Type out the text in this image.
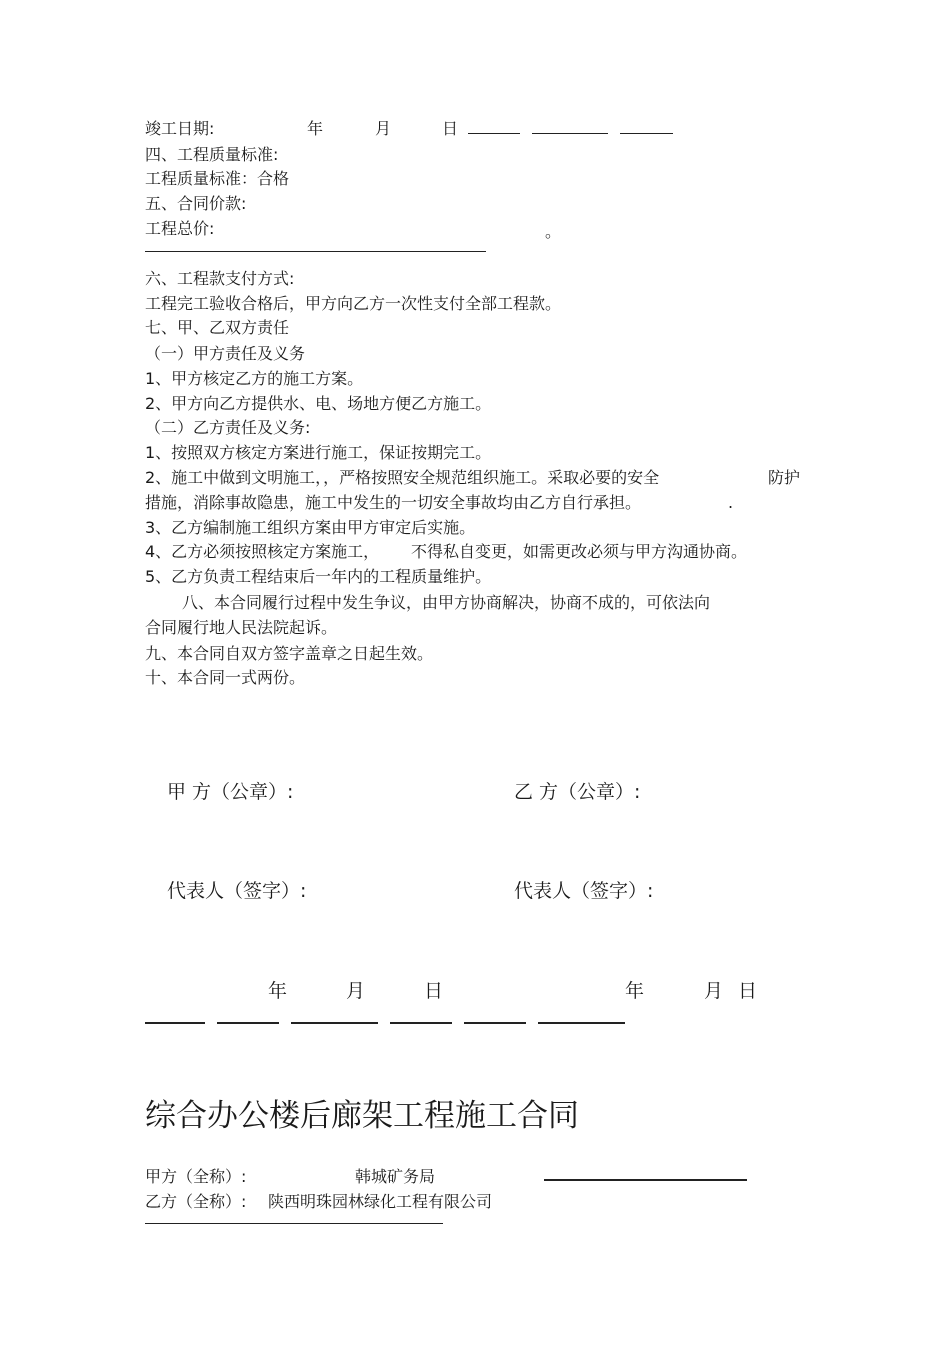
竣工日期:	年	月	日
四、工程质量标准:
工程质量标准：合格
五、合同价款:
工程总价:	。
六、工程款支付方式:
工程完工验收合格后，甲方向乙方一次性支付全部工程款。
七、甲、乙双方责任
（一）甲方责任及义务
1、甲方核定乙方的施工方案。
2、甲方向乙方提供水、电、场地方便乙方施工。
（二）乙方责任及义务:
1、按照双方核定方案进行施工，保证按期完工。
2、施工中做到文明施工，，严格按照安全规范组织施工。采取必要的安全	防护
措施，消除事故隐患，施工中发生的一切安全事故均由乙方自行承担。	.
3、乙方编制施工组织方案由甲方审定后实施。
4、乙方必须按照核定方案施工， 不得私自变更，如需更改必须与甲方沟通协商。
5、乙方负责工程结束后一年内的工程质量维护。
八、本合同履行过程中发生争议，由甲方协商解决，协商不成的，可依法向
合同履行地人民法院起诉。
九、本合同自双方签字盖章之日起生效。
十、本合同一式两份。
甲 方（公章）:	乙 方（公章）:
代表人（签字）:	代表人（签字）:
年	月	日	年	月 日
综合办公楼后廊架工程施工合同
甲方（全称）:	韩城矿务局
乙方（全称）: 陕西明珠园林绿化工程有限公司
